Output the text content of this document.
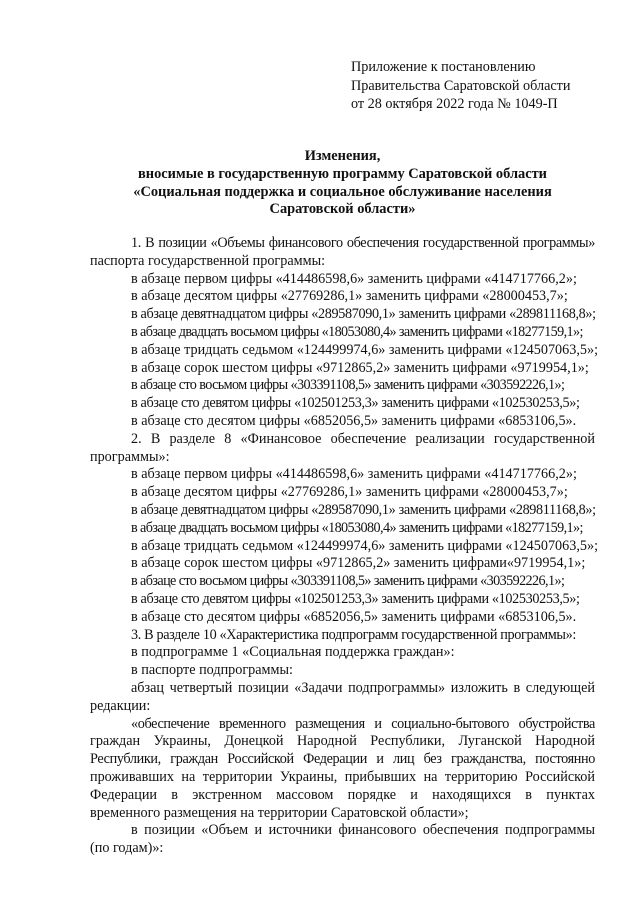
Приложение к постановлению
Правительства Саратовской области
от 28 октября 2022 года № 1049-П
Изменения,
вносимые в государственную программу Саратовской области
«Социальная поддержка и социальное обслуживание населения
Саратовской области»
1. В позиции «Объемы финансового обеспечения государственной программы»
паспорта государственной программы:
в абзаце первом цифры «414486598,6» заменить цифрами «414717766,2»;
в абзаце десятом цифры «27769286,1» заменить цифрами «28000453,7»;
в абзаце девятнадцатом цифры «289587090,1» заменить цифрами «289811168,8»;
в абзаце двадцать восьмом цифры «18053080,4» заменить цифрами «18277159,1»;
в абзаце тридцать седьмом «124499974,6» заменить цифрами «124507063,5»;
в абзаце сорок шестом цифры «9712865,2» заменить цифрами «9719954,1»;
в абзаце сто восьмом цифры «303391108,5» заменить цифрами «303592226,1»;
в абзаце сто девятом цифры «102501253,3» заменить цифрами «102530253,5»;
в абзаце сто десятом цифры «6852056,5» заменить цифрами «6853106,5».
2. В разделе 8 «Финансовое обеспечение реализации государственной
программы»:
в абзаце первом цифры «414486598,6» заменить цифрами «414717766,2»;
в абзаце десятом цифры «27769286,1» заменить цифрами «28000453,7»;
в абзаце девятнадцатом цифры «289587090,1» заменить цифрами «289811168,8»;
в абзаце двадцать восьмом цифры «18053080,4» заменить цифрами «18277159,1»;
в абзаце тридцать седьмом «124499974,6» заменить цифрами «124507063,5»;
в абзаце сорок шестом цифры «9712865,2» заменить цифрами«9719954,1»;
в абзаце сто восьмом цифры «303391108,5» заменить цифрами «303592226,1»;
в абзаце сто девятом цифры «102501253,3» заменить цифрами «102530253,5»;
в абзаце сто десятом цифры «6852056,5» заменить цифрами «6853106,5».
3. В разделе 10 «Характеристика подпрограмм государственной программы»:
в подпрограмме 1 «Социальная поддержка граждан»:
в паспорте подпрограммы:
абзац четвертый позиции «Задачи подпрограммы» изложить в следующей
редакции:
«обеспечение временного размещения и социально-бытового обустройства
граждан Украины, Донецкой Народной Республики, Луганской Народной
Республики, граждан Российской Федерации и лиц без гражданства, постоянно
проживавших на территории Украины, прибывших на территорию Российской
Федерации в экстренном массовом порядке и находящихся в пунктах
временного размещения на территории Саратовской области»;
в позиции «Объем и источники финансового обеспечения подпрограммы
(по годам)»:
